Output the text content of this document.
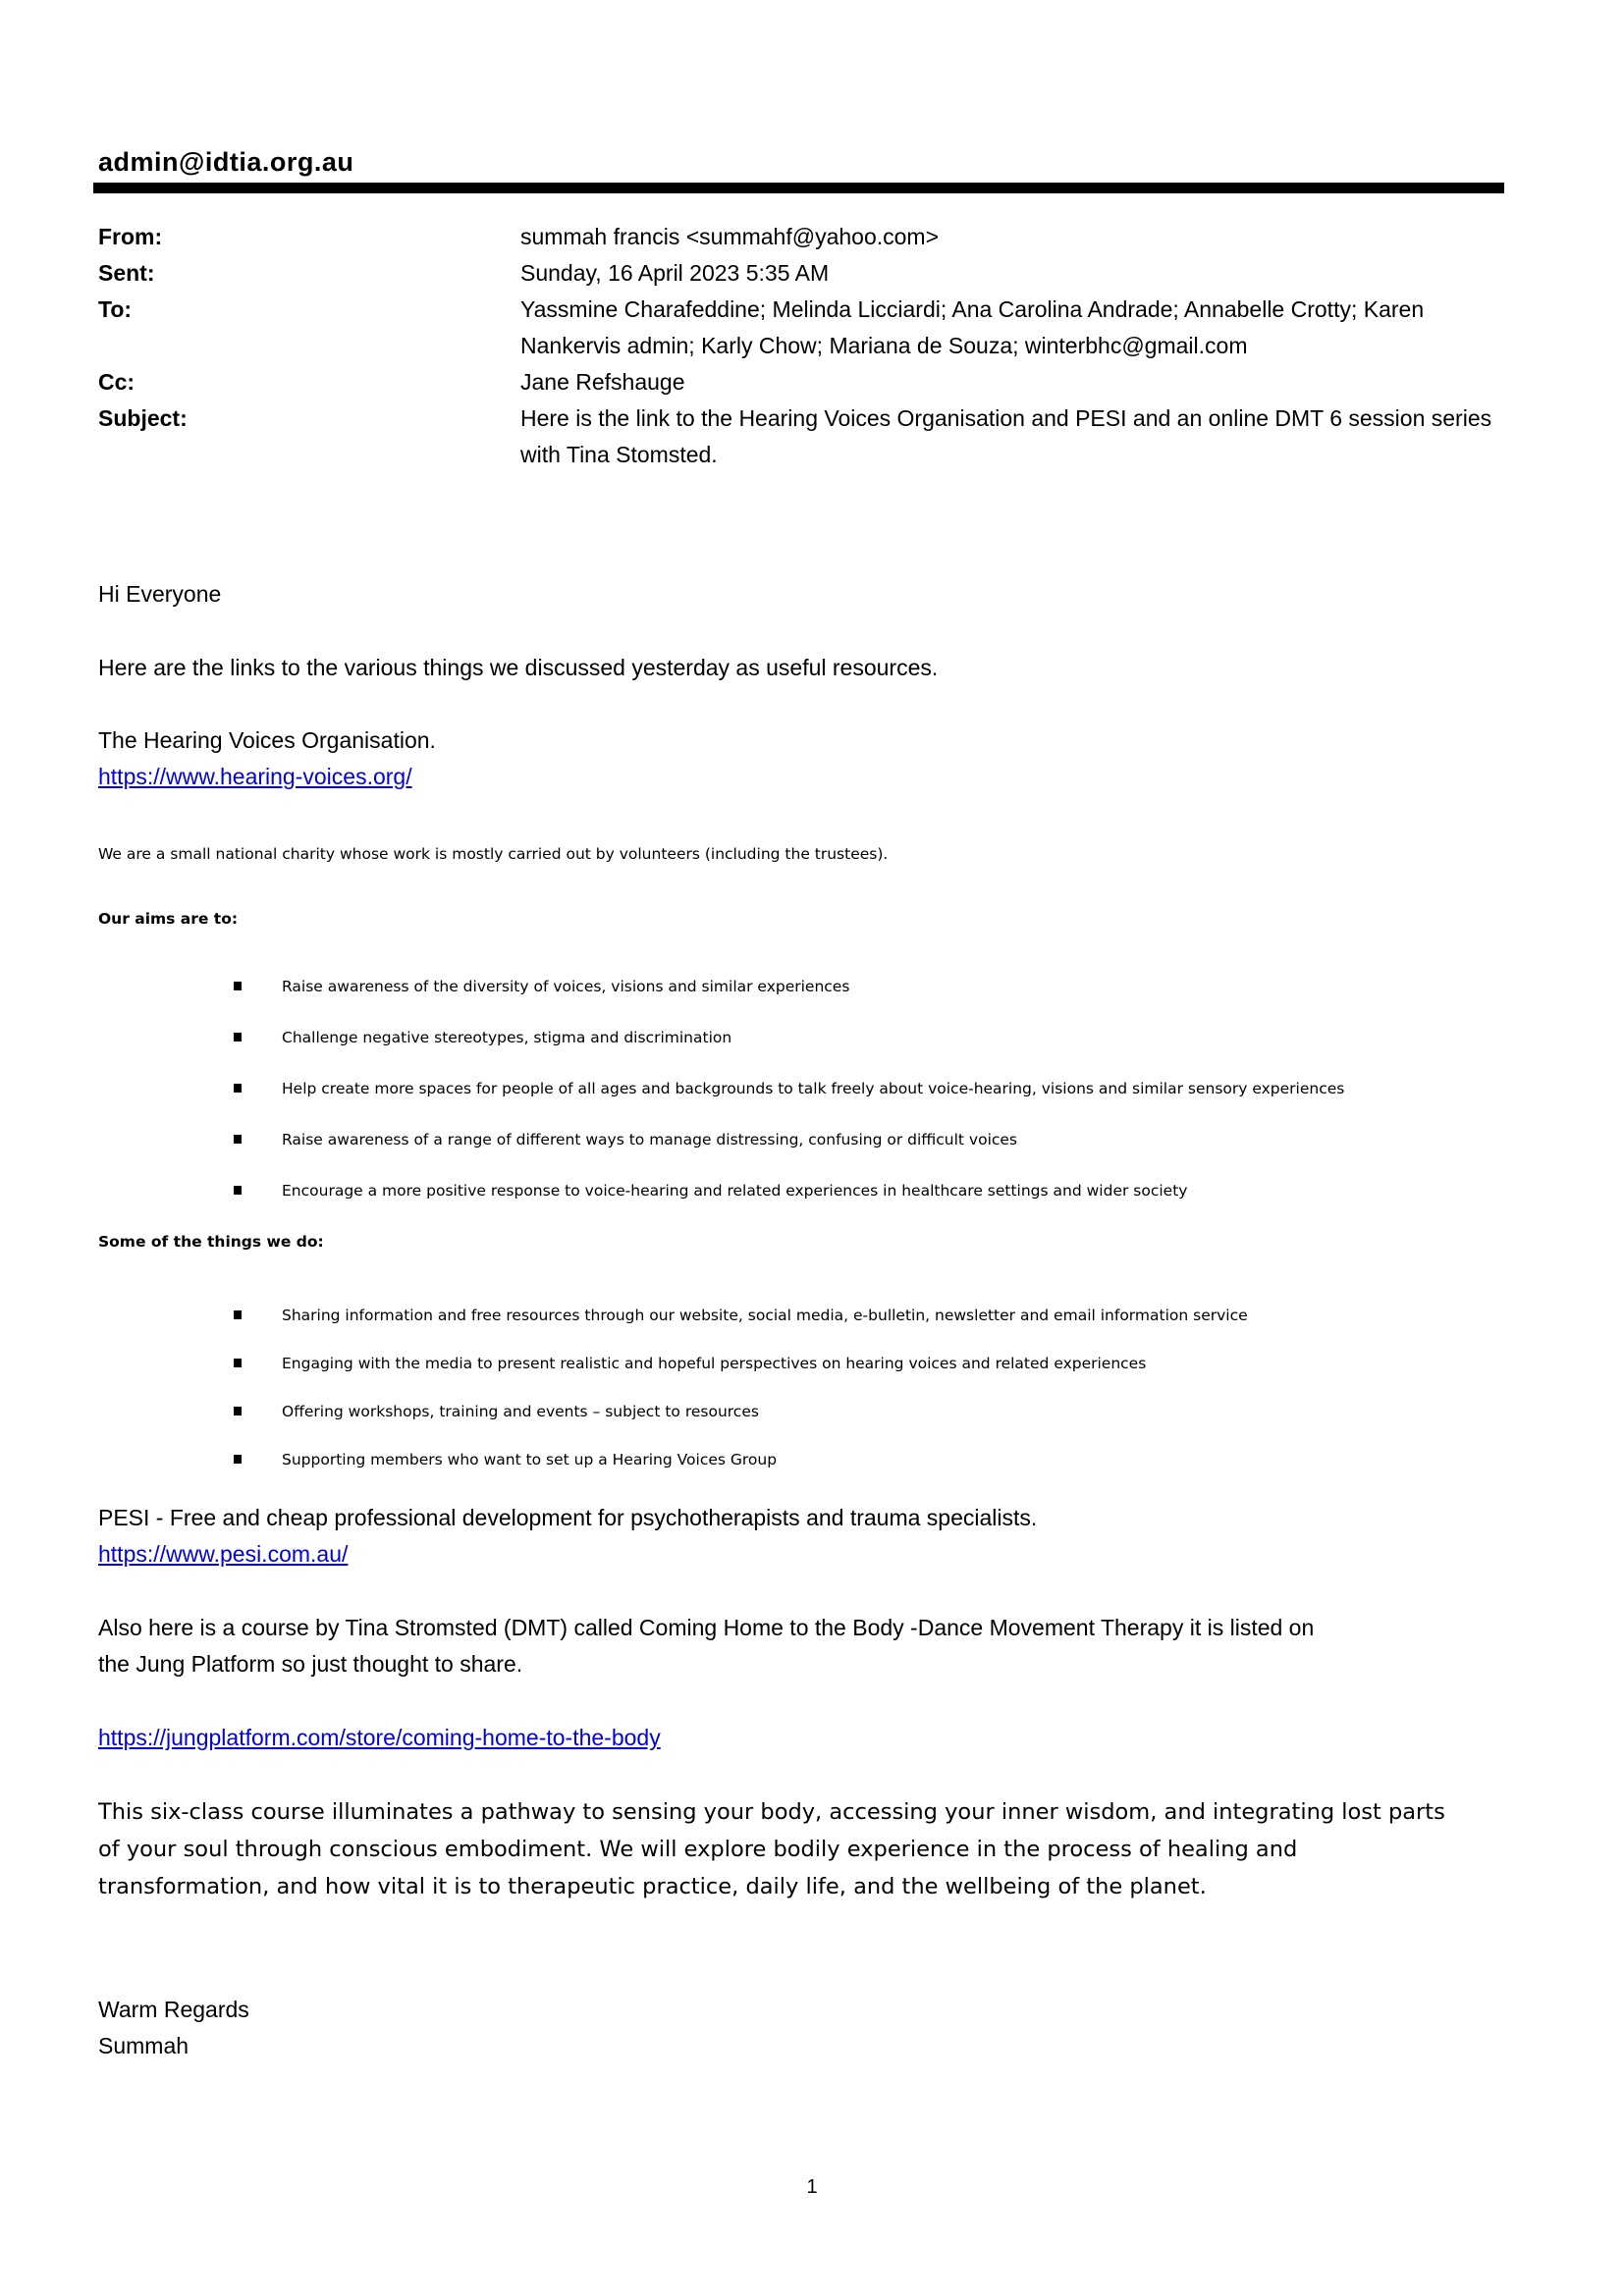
admin@idtia.org.au
From:	summah francis <summahf@yahoo.com>
Sent:	Sunday, 16 April 2023 5:35 AM
To:	Yassmine Charafeddine; Melinda Licciardi; Ana Carolina Andrade; Annabelle Crotty; Karen Nankervis admin; Karly Chow; Mariana de Souza; winterbhc@gmail.com
Cc:	Jane Refshauge
Subject:	Here is the link to the Hearing Voices Organisation and PESI and an online DMT 6 session series with Tina Stomsted.
Hi Everyone
Here are the links to the various things we discussed yesterday as useful resources.
The Hearing Voices Organisation.
https://www.hearing-voices.org/
We are a small national charity whose work is mostly carried out by volunteers (including the trustees).
Our aims are to:
Raise awareness of the diversity of voices, visions and similar experiences
Challenge negative stereotypes, stigma and discrimination
Help create more spaces for people of all ages and backgrounds to talk freely about voice-hearing, visions and similar sensory experiences
Raise awareness of a range of different ways to manage distressing, confusing or difficult voices
Encourage a more positive response to voice-hearing and related experiences in healthcare settings and wider society
Some of the things we do:
Sharing information and free resources through our website, social media, e-bulletin, newsletter and email information service
Engaging with the media to present realistic and hopeful perspectives on hearing voices and related experiences
Offering workshops, training and events – subject to resources
Supporting members who want to set up a Hearing Voices Group
PESI - Free and cheap professional development for psychotherapists and trauma specialists.
https://www.pesi.com.au/
Also here is a course by Tina Stromsted (DMT) called Coming Home to the Body -Dance Movement Therapy it is listed on the Jung Platform so just thought to share.
https://jungplatform.com/store/coming-home-to-the-body
This six-class course illuminates a pathway to sensing your body, accessing your inner wisdom, and integrating lost parts of your soul through conscious embodiment. We will explore bodily experience in the process of healing and transformation, and how vital it is to therapeutic practice, daily life, and the wellbeing of the planet.
Warm Regards
Summah
1
